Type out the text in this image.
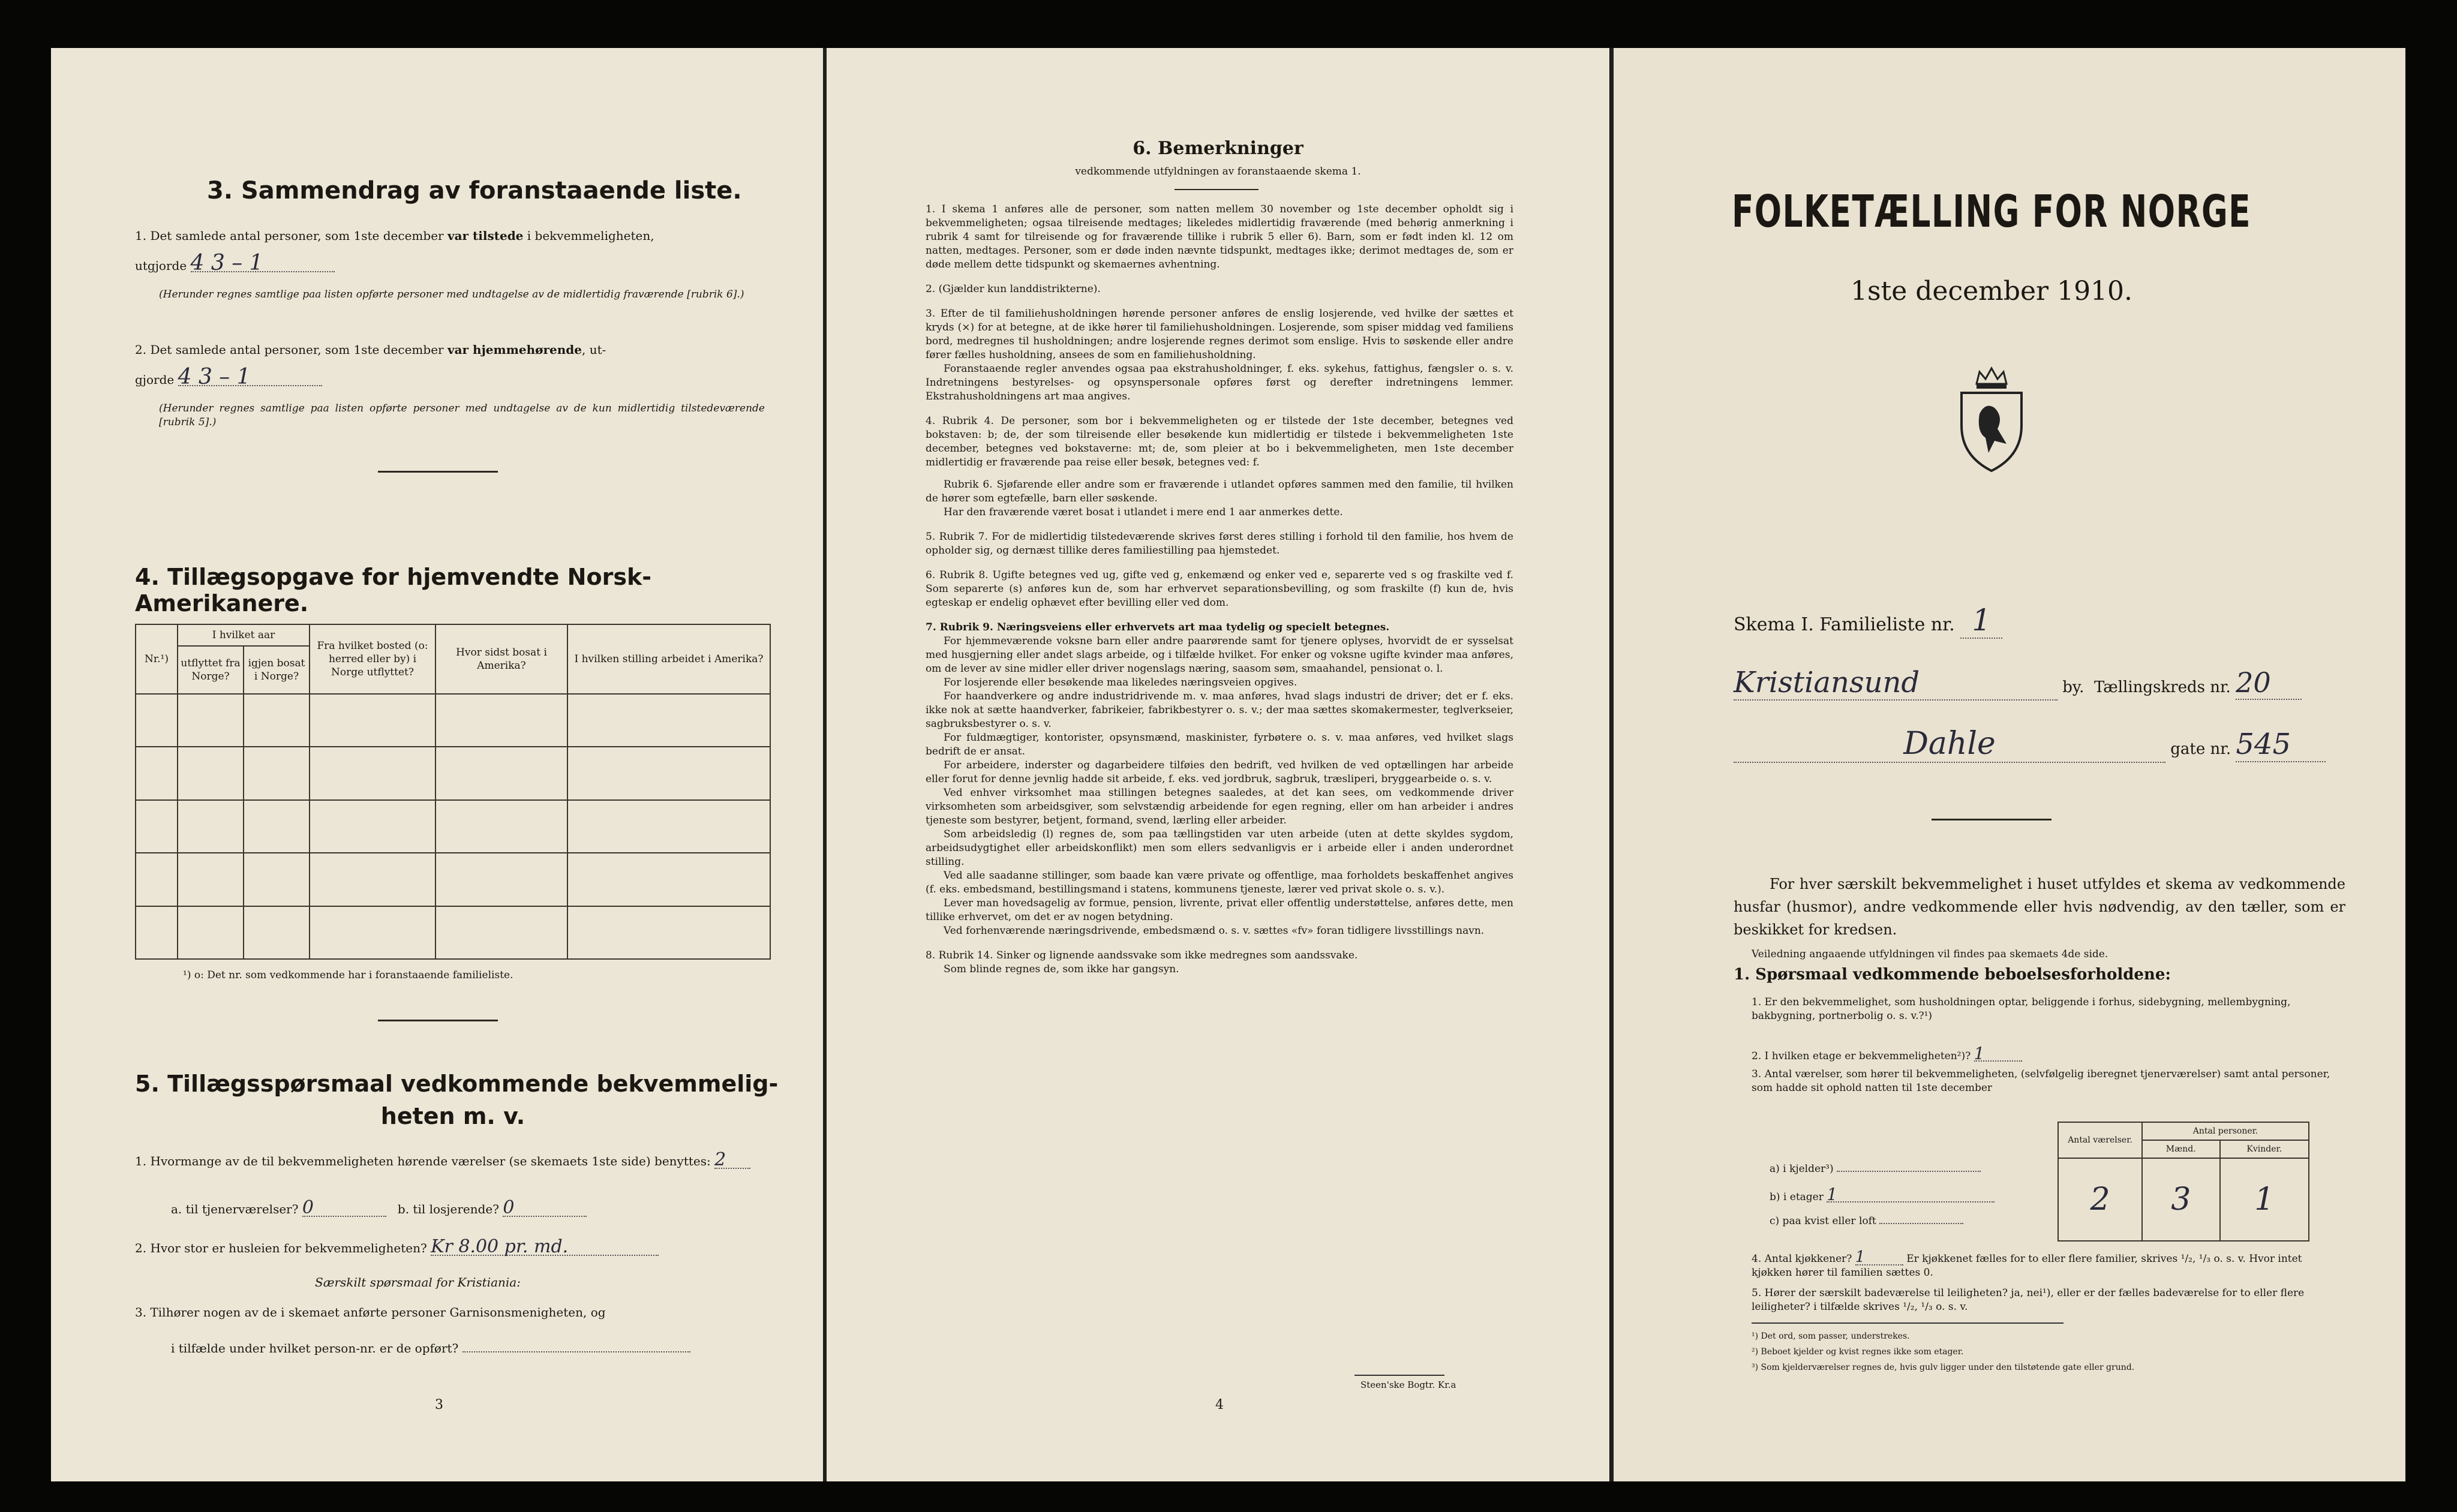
3. Sammendrag av foranstaaende liste.
1. Det samlede antal personer, som 1ste december var tilstede i bekvemmeligheten,
utgjorde 4 3 – 1
(Herunder regnes samtlige paa listen opførte personer med undtagelse av de midlertidig fraværende [rubrik 6].)
2. Det samlede antal personer, som 1ste december var hjemmehørende, ut-
gjorde 4 3 – 1
(Herunder regnes samtlige paa listen opførte personer med undtagelse av de kun midlertidig tilstedeværende [rubrik 5].)
4. Tillægsopgave for hjemvendte Norsk-Amerikanere.
Nr.¹)	I hvilket aar		Fra hvilket bosted (o: herred eller by) i Norge utflyttet?	Hvor sidst bosat i Amerika?	I hvilken stilling arbeidet i Amerika?
	utflyttet fra Norge?	igjen bosat i Norge?			

¹) o: Det nr. som vedkommende har i foranstaaende familieliste.
5. Tillægsspørsmaal vedkommende bekvemmelig-
heten m. v.
1. Hvormange av de til bekvemmeligheten hørende værelser (se skemaets 1ste side) benyttes: 2
a. til tjenerværelser? 0	b. til losjerende? 0
2. Hvor stor er husleien for bekvemmeligheten? Kr 8.00 pr. md.
Særskilt spørsmaal for Kristiania:
3. Tilhører nogen av de i skemaet anførte personer Garnisonsmenigheten, og
i tilfælde under hvilket person-nr. er de opført?
3
6. Bemerkninger
vedkommende utfyldningen av foranstaaende skema 1.
1. I skema 1 anføres alle de personer, som natten mellem 30 november og 1ste december opholdt sig i bekvemmeligheten; ogsaa tilreisende medtages; likeledes midlertidig fraværende (med behørig anmerkning i rubrik 4 samt for tilreisende og for fraværende tillike i rubrik 5 eller 6). Barn, som er født inden kl. 12 om natten, medtages. Personer, som er døde inden nævnte tidspunkt, medtages ikke; derimot medtages de, som er døde mellem dette tidspunkt og skemaernes avhentning.
2. (Gjælder kun landdistrikterne).
3. Efter de til familiehusholdningen hørende personer anføres de enslig losjerende, ved hvilke der sættes et kryds (×) for at betegne, at de ikke hører til familiehusholdningen. Losjerende, som spiser middag ved familiens bord, medregnes til husholdningen; andre losjerende regnes derimot som enslige. Hvis to søskende eller andre fører fælles husholdning, ansees de som en familiehusholdning.
Foranstaaende regler anvendes ogsaa paa ekstrahusholdninger, f. eks. sykehus, fattighus, fængsler o. s. v. Indretningens bestyrelses- og opsynspersonale opføres først og derefter indretningens lemmer. Ekstrahusholdningens art maa angives.
4. Rubrik 4. De personer, som bor i bekvemmeligheten og er tilstede der 1ste december, betegnes ved bokstaven: b; de, der som tilreisende eller besøkende kun midlertidig er tilstede i bekvemmeligheten 1ste december, betegnes ved bokstaverne: mt; de, som pleier at bo i bekvemmeligheten, men 1ste december midlertidig er fraværende paa reise eller besøk, betegnes ved: f.
Rubrik 6. Sjøfarende eller andre som er fraværende i utlandet opføres sammen med den familie, til hvilken de hører som egtefælle, barn eller søskende.
Har den fraværende været bosat i utlandet i mere end 1 aar anmerkes dette.
5. Rubrik 7. For de midlertidig tilstedeværende skrives først deres stilling i forhold til den familie, hos hvem de opholder sig, og dernæst tillike deres familiestilling paa hjemstedet.
6. Rubrik 8. Ugifte betegnes ved ug, gifte ved g, enkemænd og enker ved e, separerte ved s og fraskilte ved f. Som separerte (s) anføres kun de, som har erhvervet separationsbevilling, og som fraskilte (f) kun de, hvis egteskap er endelig ophævet efter bevilling eller ved dom.
7. Rubrik 9. Næringsveiens eller erhvervets art maa tydelig og specielt betegnes.
For hjemmeværende voksne barn eller andre paarørende samt for tjenere oplyses, hvorvidt de er sysselsat med husgjerning eller andet slags arbeide, og i tilfælde hvilket. For enker og voksne ugifte kvinder maa anføres, om de lever av sine midler eller driver nogenslags næring, saasom søm, smaahandel, pensionat o. l.
For losjerende eller besøkende maa likeledes næringsveien opgives.
For haandverkere og andre industridrivende m. v. maa anføres, hvad slags industri de driver; det er f. eks. ikke nok at sætte haandverker, fabrikeier, fabrikbestyrer o. s. v.; der maa sættes skomakermester, teglverkseier, sagbruksbestyrer o. s. v.
For fuldmægtiger, kontorister, opsynsmænd, maskinister, fyrbøtere o. s. v. maa anføres, ved hvilket slags bedrift de er ansat.
For arbeidere, inderster og dagarbeidere tilføies den bedrift, ved hvilken de ved optællingen har arbeide eller forut for denne jevnlig hadde sit arbeide, f. eks. ved jordbruk, sagbruk, træsliperi, bryggearbeide o. s. v.
Ved enhver virksomhet maa stillingen betegnes saaledes, at det kan sees, om vedkommende driver virksomheten som arbeidsgiver, som selvstændig arbeidende for egen regning, eller om han arbeider i andres tjeneste som bestyrer, betjent, formand, svend, lærling eller arbeider.
Som arbeidsledig (l) regnes de, som paa tællingstiden var uten arbeide (uten at dette skyldes sygdom, arbeidsudygtighet eller arbeidskonflikt) men som ellers sedvanligvis er i arbeide eller i anden underordnet stilling.
Ved alle saadanne stillinger, som baade kan være private og offentlige, maa forholdets beskaffenhet angives (f. eks. embedsmand, bestillingsmand i statens, kommunens tjeneste, lærer ved privat skole o. s. v.).
Lever man hovedsagelig av formue, pension, livrente, privat eller offentlig understøttelse, anføres dette, men tillike erhvervet, om det er av nogen betydning.
Ved forhenværende næringsdrivende, embedsmænd o. s. v. sættes «fv» foran tidligere livsstillings navn.
8. Rubrik 14. Sinker og lignende aandssvake som ikke medregnes som aandssvake.
Som blinde regnes de, som ikke har gangsyn.
4
Steen'ske Bogtr. Kr.a
FOLKETÆLLING FOR NORGE
1ste december 1910.
Skema I. Familieliste nr. 1
Kristiansund	by. Tællingskreds nr. 20
Dahle	gate nr. 545
For hver særskilt bekvemmelighet i huset utfyldes et skema av vedkommende husfar (husmor), andre vedkommende eller hvis nødvendig, av den tæller, som er beskikket for kredsen.
Veiledning angaaende utfyldningen vil findes paa skemaets 4de side.
1. Spørsmaal vedkommende beboelsesforholdene:
1. Er den bekvemmelighet, som husholdningen optar, beliggende i forhus, sidebygning, mellembygning, bakbygning, portnerbolig o. s. v.?¹)
2. I hvilken etage er bekvemmeligheten²)? 1
3. Antal værelser, som hører til bekvemmeligheten, (selvfølgelig iberegnet tjenerværelser) samt antal personer, som hadde sit ophold natten til 1ste december
Antal værelser.	Antal personer.	
	Mænd.	Kvinder.
2	3	1
a) i kjelder³)
b) i etager 1
c) paa kvist eller loft
4. Antal kjøkkener? 1	Er kjøkkenet fælles for to eller flere familier, skrives ¹/₂, ¹/₃ o. s. v. Hvor intet kjøkken hører til familien sættes 0.
5. Hører der særskilt badeværelse til leiligheten? ja, nei¹), eller er der fælles badeværelse for to eller flere leiligheter? i tilfælde skrives ¹/₂, ¹/₃ o. s. v.
¹) Det ord, som passer, understrekes.
²) Beboet kjelder og kvist regnes ikke som etager.
³) Som kjelderværelser regnes de, hvis gulv ligger under den tilstøtende gate eller grund.
